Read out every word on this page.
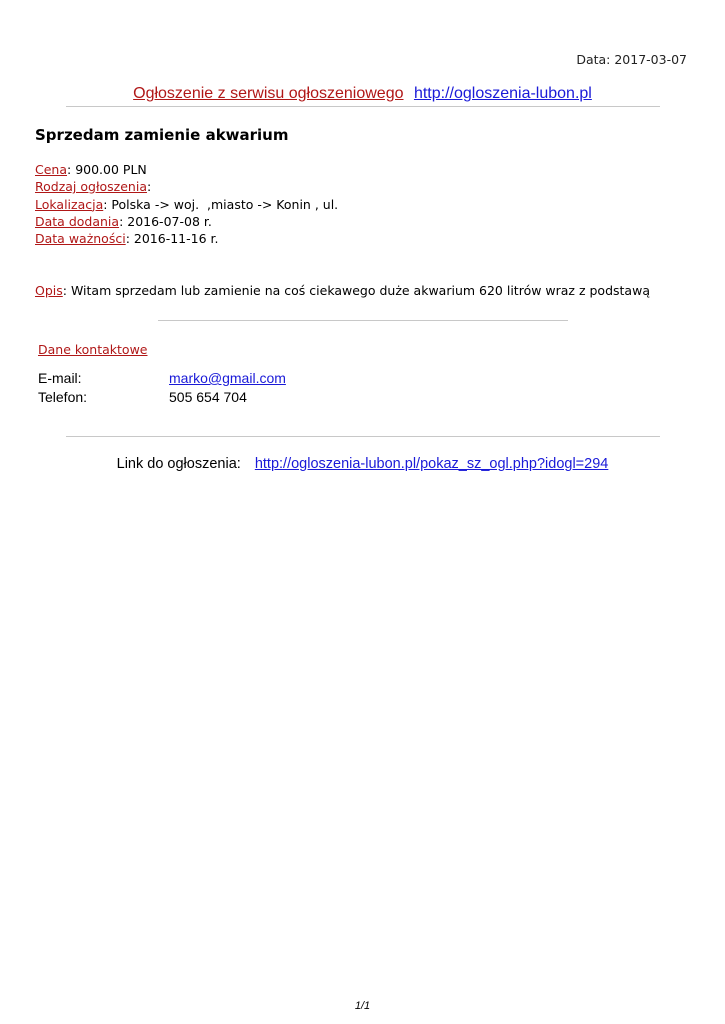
Data: 2017-03-07
Ogłoszenie z serwisu ogłoszeniowego http://ogloszenia-lubon.pl
Sprzedam zamienie akwarium
Cena: 900.00 PLN
Rodzaj ogłoszenia:
Lokalizacja: Polska -> woj.  ,miasto -> Konin , ul.
Data dodania: 2016-07-08 r.
Data ważności: 2016-11-16 r.
Opis: Witam sprzedam lub zamienie na coś ciekawego duże akwarium 620 litrów wraz z podstawą
Dane kontaktowe
E-mail:	marko@gmail.com
Telefon:	505 654 704
Link do ogłoszenia: http://ogloszenia-lubon.pl/pokaz_sz_ogl.php?idogl=294
1/1
